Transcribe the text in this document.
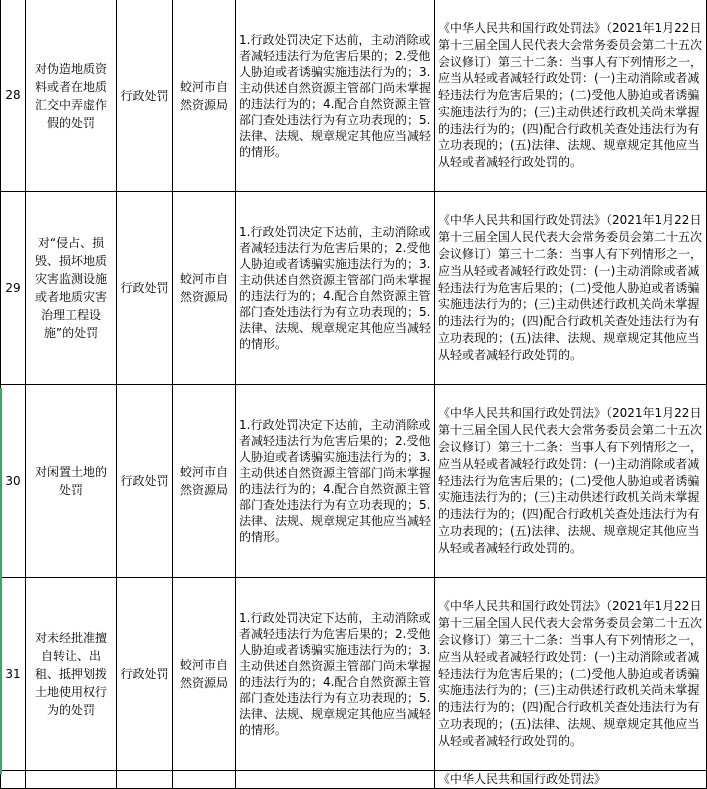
28	对伪造地质资料或者在地质汇交中弄虚作假的处罚	行政处罚	蛟河市自然资源局	1.行政处罚决定下达前，主动消除或者减轻违法行为危害后果的；2.受他人胁迫或者诱骗实施违法行为的；3.主动供述自然资源主管部门尚未掌握的违法行为的；4.配合自然资源主管部门查处违法行为有立功表现的；5.法律、法规、规章规定其他应当减轻的情形。	《中华人民共和国行政处罚法》（2021年1月22日第十三届全国人民代表大会常务委员会第二十五次会议修订）第三十二条：当事人有下列情形之一，应当从轻或者减轻行政处罚：(一)主动消除或者减轻违法行为危害后果的；(二)受他人胁迫或者诱骗实施违法行为的；(三)主动供述行政机关尚未掌握的违法行为的；(四)配合行政机关查处违法行为有立功表现的；(五)法律、法规、规章规定其他应当从轻或者减轻行政处罚的。
29	对“侵占、损毁、损坏地质灾害监测设施或者地质灾害治理工程设施”的处罚	行政处罚	蛟河市自然资源局	1.行政处罚决定下达前，主动消除或者减轻违法行为危害后果的；2.受他人胁迫或者诱骗实施违法行为的；3.主动供述自然资源主管部门尚未掌握的违法行为的；4.配合自然资源主管部门查处违法行为有立功表现的；5.法律、法规、规章规定其他应当减轻的情形。	《中华人民共和国行政处罚法》（2021年1月22日第十三届全国人民代表大会常务委员会第二十五次会议修订）第三十二条：当事人有下列情形之一，应当从轻或者减轻行政处罚：(一)主动消除或者减轻违法行为危害后果的；(二)受他人胁迫或者诱骗实施违法行为的；(三)主动供述行政机关尚未掌握的违法行为的；(四)配合行政机关查处违法行为有立功表现的；(五)法律、法规、规章规定其他应当从轻或者减轻行政处罚的。
30	对闲置土地的处罚	行政处罚	蛟河市自然资源局	1.行政处罚决定下达前，主动消除或者减轻违法行为危害后果的；2.受他人胁迫或者诱骗实施违法行为的；3.主动供述自然资源主管部门尚未掌握的违法行为的；4.配合自然资源主管部门查处违法行为有立功表现的；5.法律、法规、规章规定其他应当减轻的情形。	《中华人民共和国行政处罚法》（2021年1月22日第十三届全国人民代表大会常务委员会第二十五次会议修订）第三十二条：当事人有下列情形之一，应当从轻或者减轻行政处罚：(一)主动消除或者减轻违法行为危害后果的；(二)受他人胁迫或者诱骗实施违法行为的；(三)主动供述行政机关尚未掌握的违法行为的；(四)配合行政机关查处违法行为有立功表现的；(五)法律、法规、规章规定其他应当从轻或者减轻行政处罚的。
31	对未经批准擅自转让、出租、抵押划拨土地使用权行为的处罚	行政处罚	蛟河市自然资源局	1.行政处罚决定下达前，主动消除或者减轻违法行为危害后果的；2.受他人胁迫或者诱骗实施违法行为的；3.主动供述自然资源主管部门尚未掌握的违法行为的；4.配合自然资源主管部门查处违法行为有立功表现的；5.法律、法规、规章规定其他应当减轻的情形。	《中华人民共和国行政处罚法》（2021年1月22日第十三届全国人民代表大会常务委员会第二十五次会议修订）第三十二条：当事人有下列情形之一，应当从轻或者减轻行政处罚：(一)主动消除或者减轻违法行为危害后果的；(二)受他人胁迫或者诱骗实施违法行为的；(三)主动供述行政机关尚未掌握的违法行为的；(四)配合行政机关查处违法行为有立功表现的；(五)法律、法规、规章规定其他应当从轻或者减轻行政处罚的。
					《中华人民共和国行政处罚法》
